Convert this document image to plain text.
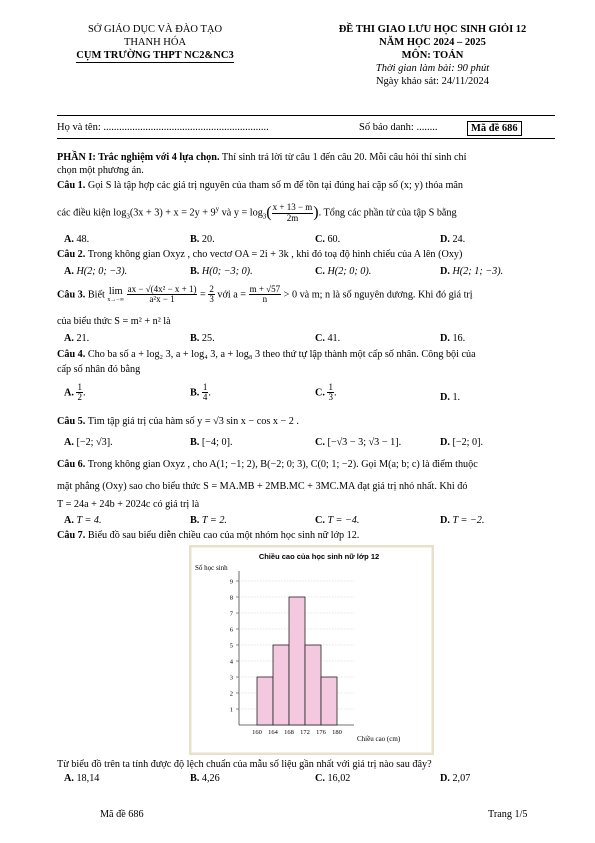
SỞ GIÁO DỤC VÀ ĐÀO TẠO
THANH HÓA
CỤM TRƯỜNG THPT NC2&NC3
ĐỀ THI GIAO LƯU HỌC SINH GIỎI 12
NĂM HỌC 2024 – 2025
MÔN: TOÁN
Thời gian làm bài: 90 phút
Ngày khảo sát: 24/11/2024
Họ và tên: ...............................................................	Số báo danh: ........	Mã đề 686
PHẦN I: Trắc nghiệm với 4 lựa chọn. Thí sinh trả lời từ câu 1 đến câu 20. Mỗi câu hỏi thí sinh chỉ
chọn một phương án.
Câu 1. Gọi S là tập hợp các giá trị nguyên của tham số m để tồn tại đúng hai cặp số (x; y) thỏa mãn
các điều kiện $\log_3(3x + 3) + x = 2y + 9^y$ và $y = \log_3( \frac{x + 13 - m}{2m}$ ). Tổng các phần tử của tập S bằng
A. 48.	B. 20.	C. 60.	D. 24.
Câu 2. Trong không gian Oxyz , cho vectơ OA = 2i + 3k , khi đó toạ độ hình chiếu của A lên (Oxy)
A. H(2; 0; −3).	B. H(0; −3; 0).	C. H(2; 0; 0).	D. H(2; 1; −3).
Câu 3. Biết lim
x→−∞
$\frac{\text{ax − √(4x² − x + 1)}}{\text{a²x − 1}} = \frac{2}{3}$ với $a = \frac{m + √57}{n} > 0$ và m; n là số nguyên dương. Khi đó giá trị
của biểu thức S = m² + n² là
A. 21.	B. 25.	C. 41.	D. 16.
Câu 4. Cho ba số a + log₂ 3, a + log₄ 3, a + log₈ 3 theo thứ tự lập thành một cấp số nhân. Công bội của
cấp số nhân đó bằng
A. $\frac{1}{2}$ .	B. $\frac{1}{4}$ .	C. $\frac{1}{3}$ .	D. 1.
Câu 5. Tìm tập giá trị của hàm số y = √3 sin x − cos x − 2 .
A. [−2; √3].	B. [−4; 0].	C. [−√3 − 3; √3 − 1].	D. [−2; 0].
Câu 6. Trong không gian Oxyz , cho A(1; −1; 2), B(−2; 0; 3), C(0; 1; −2). Gọi M(a; b; c) là điểm thuộc
mặt phẳng (Oxy) sao cho biểu thức S = MA.MB + 2MB.MC + 3MC.MA đạt giá trị nhỏ nhất. Khi đó
T = 24a + 24b + 2024c có giá trị là
A. T = 4.	B. T = 2.	C. T = −4.	D. T = −2.
Câu 7. Biểu đồ sau biểu diễn chiều cao của một nhóm học sinh nữ lớp 12.
Chiều cao của học sinh nữ lớp 12
Số học sinh
Chiều cao (cm)
1
2
3
4
5
6
7
8
9
160 164 168 172 176 180
Từ biểu đồ trên ta tính được độ lệch chuẩn của mẫu số liệu gần nhất với giá trị nào sau đây?
A. 18,14	B. 4,26	C. 16,02	D. 2,07
Mã đề 686	Trang 1/5
